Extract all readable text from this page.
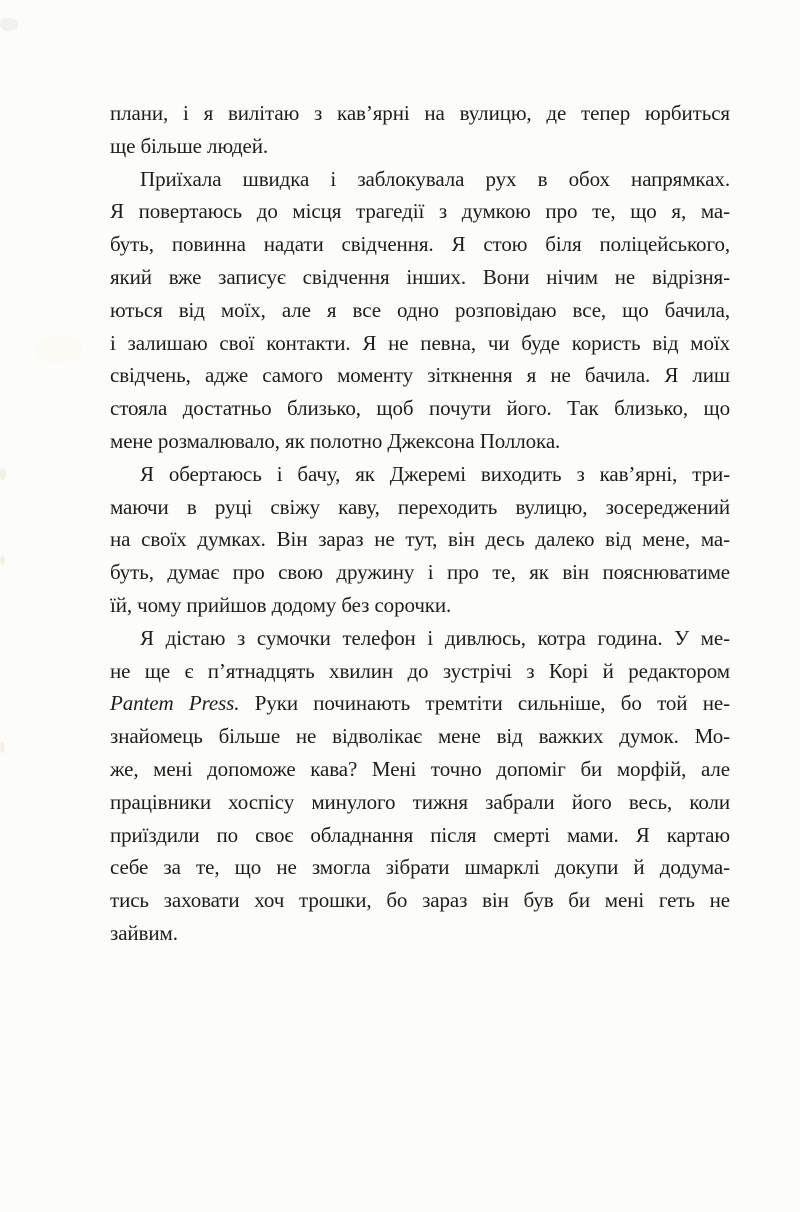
плани, і я вилітаю з кав’ярні на вулицю, де тепер юрбиться
ще більше людей.
Приїхала швидка і заблокувала рух в обох напрямках.
Я повертаюсь до місця трагедії з думкою про те, що я, ма-
буть, повинна надати свідчення. Я стою біля поліцейського,
який вже записує свідчення інших. Вони нічим не відрізня-
ються від моїх, але я все одно розповідаю все, що бачила,
і залишаю свої контакти. Я не певна, чи буде користь від моїх
свідчень, адже самого моменту зіткнення я не бачила. Я лиш
стояла достатньо близько, щоб почути його. Так близько, що
мене розмалювало, як полотно Джексона Поллока.
Я обертаюсь і бачу, як Джеремі виходить з кав’ярні, три-
маючи в руці свіжу каву, переходить вулицю, зосереджений
на своїх думках. Він зараз не тут, він десь далеко від мене, ма-
буть, думає про свою дружину і про те, як він пояснюватиме
їй, чому прийшов додому без сорочки.
Я дістаю з сумочки телефон і дивлюсь, котра година. У ме-
не ще є п’ятнадцять хвилин до зустрічі з Корі й редактором
Pantem Press. Руки починають тремтіти сильніше, бо той не-
знайомець більше не відволікає мене від важких думок. Мо-
же, мені допоможе кава? Мені точно допоміг би морфій, але
працівники хоспісу минулого тижня забрали його весь, коли
приїздили по своє обладнання після смерті мами. Я картаю
себе за те, що не змогла зібрати шмарклі докупи й додума-
тись заховати хоч трошки, бо зараз він був би мені геть не
зайвим.
